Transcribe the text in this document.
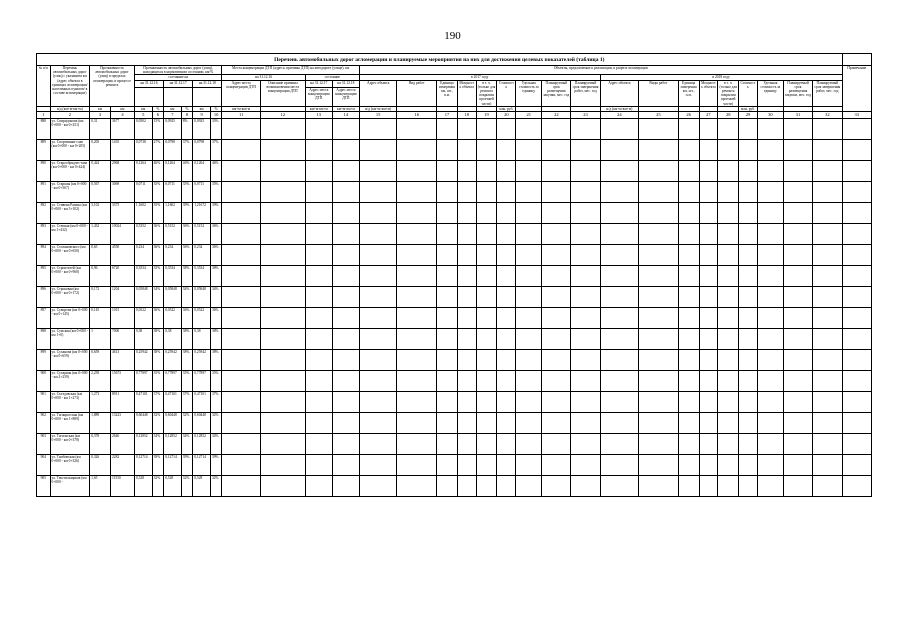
190
Перечень автомобильных дорог агломерации и планируемые мероприятия на них для достижения целевых показателей (таблица 1)																																
№ п/п	Перечень автомобильных дорог (улиц) с указанием км (адрес объекта в границах агломерации/ населенных пунктов/ в составе агломерации)	Протяженность автомобильных дорог (улиц) в пределах агломерации, в процессе ремонта		Протяженность автомобильных дорог (улиц), находящихся в нормативном состоянии, км/%						Места концентрации ДТП (адреса, причины ДТП) на автодороге (улице), км				Объекты, предлагаемые к реализации, в разрезе агломерации																		Примечание
				состояние на						на 31.12.16		состояние		в 2017 году									в 2018 году									
				на 31.12.16		на 31.12.17		на 31.12.18		Адрес места концентрации ДТП	Описание причины возникновения места концентрации ДТП	на 31.12.17	на 31.12.18	Адрес объекта	Вид работ	Единица измерения км, шт., п.м.	Мощность объекта	в т. ч. (только для ремонта покрытия проезжей части)	Стоимость	Удельная стоимость за единицу	Планируемый срок размещения закупки, мес. год	Планируемый срок завершения работ, мес. год	Адрес объекта	Виды работ	Единица измерения км, шт., п.м.	Мощность объекта	в т. ч. (только для ремонта покрытия проезжей части)	Стоимость	Удельная стоимость за единицу	Планируемый срок размещения закупки, мес. год	Планируемый срок завершения работ, мес. год	
												Адрес места концентрации ДТП	Адрес места концентрации ДТП																			
	н/д (км+м-км+м)	км	км	км	%	км	%	км	%	км+м-км+м		км+м-км+м	км+м-км+м	н/д (км+м-км+м)					млн. руб.				н/д (км+м-км+м)					млн. руб.				
1	2	3	4	5	6	7	8	9	10	11	12	13	14	15	16	17	18	19	20	21	22	23	24	25	26	27	28	29	30	31	32	33
888	ул. Спиридонова (км 0+000 - км 0+251)	0,31	3677	0,0502	15%	0,0925	8%	0,0925	33%																							
889	ул. Спортивная-слав (км 0+000 - км 0+205)	0,205	1435	0,0738	27%	0,0798	37%	0,0798	37%																							
890	ул. Старообрядчес-ким (км 0+000 - км 0+424)	0,424	2968	0,1264	46%	0,1264	46%	0,1264	46%																							
891	ул. Старшая (км 0+000 - км 0+567)	0,567	3069	0,0711	35%	0,0711	35%	0,0711	35%																							
892	ул. Стивена Разина (км 0+000 - км 3+102)	3,102	3375	1,1602	35%	1,1602	39%	1,21672	39%																							
893	ул. Степная (км 0+000 - км 1+432)	1,432	10024	0,5352	36%	0,5152	36%	0,5152	36%																							
894	ул. Столяновского (км 0+000 - км 0+650)	0,65	4550	0,234	36%	0,234	36%	0,234	36%																							
895	ул. Строителей (км 0+000 - км 0+960)	0,96	6720	0,3534	35%	0,3534	38%	0,3534	38%																							
896	ул. Строковая (км 0+000 - км 0+172)	0,172	1204	0,05848	34%	0,05848	34%	0,05848	34%																							
897	ул. Суворова (км 0+000 - км 0+145)	0,145	1015	0,0522	36%	0,0522	36%	0,0522	36%																							
898	ул. Сумская (км 0+000 - км 1+0)	1	7000	0,38	38%	0,38	38%	0,38	38%																							
899	ул. Суханова (км 0+000 - км 0+659)	0,659	4613	0,25942	38%	0,25942	38%	0,25942	38%																							
900	ул. Сухарная (км 0+000 - км 2+239)	2,239	15673	0,77897	35%	0,77897	35%	0,77897	35%																							
901	ул. Съездовская (км 0+000 - км 1+273)	1,273	8911	0,47101	37%	0,47101	37%	0,47101	37%																							
902	ул. Таганрогская (км 0+000 - км 1+889)	1,889	13223	0,60448	32%	0,60448	32%	0,60448	32%																							
903	ул. Тагильская (км 0+000 - км 0+378)	0,378	2646	0,12852	34%	0,12852	34%	0,12852	34%																							
904	ул. Тамбовская (км 0+000 - км 0+326)	0,326	2282	0,12714	39%	0,12714	39%	0,12714	39%																							
905	ул. Текстильщиков (км 0+000 -	1,65	11550	0,528	32%	0,528	32%	0,528	32%																							
